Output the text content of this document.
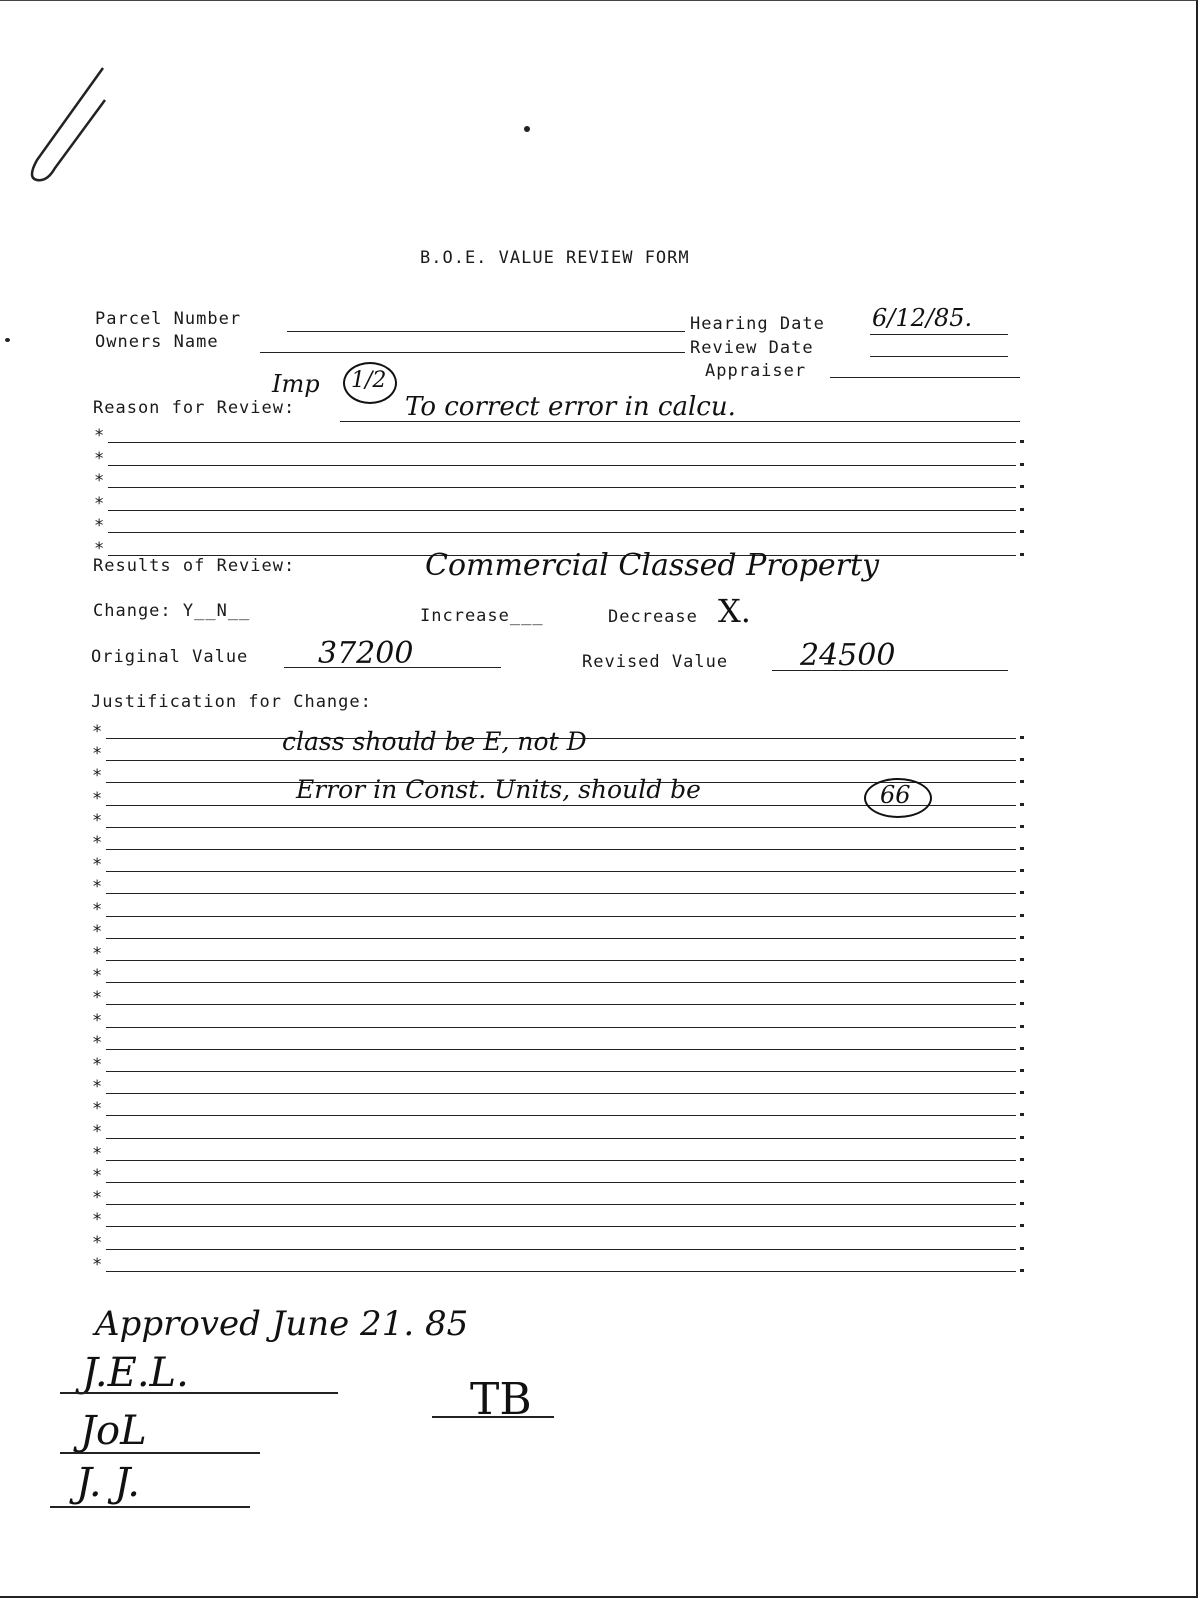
B.O.E. VALUE REVIEW FORM
Parcel Number
Owners Name
Hearing Date 6/12/85.
Review Date
Appraiser
Imp 1/2
Reason for Review:	To correct error in calcu.
*
*
*
*
*
*
Results of Review:	Commercial Classed Property
Change: Y__N__	Increase___	Decrease X.
Original Value 37200	Revised Value 24500
Justification for Change:
*
*
*
*
*
*
*
*
*
*
*
*
*
*
*
*
*
*
*
*
*
*
*
*
*
class should be E, not D
Error in Const. Units, should be	66
Approved June 21. 85
J.E.L.
JoL
J. J.
TB
